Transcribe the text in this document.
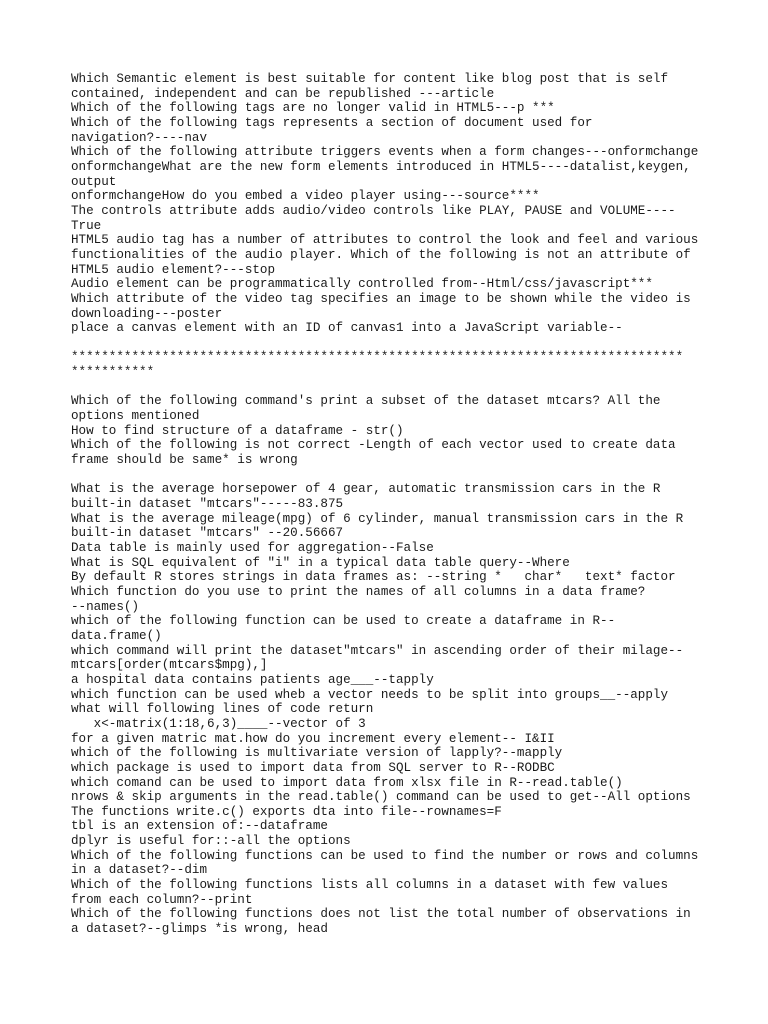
Which Semantic element is best suitable for content like blog post that is self
contained, independent and can be republished ---article
Which of the following tags are no longer valid in HTML5---p ***
Which of the following tags represents a section of document used for
navigation?----nav
Which of the following attribute triggers events when a form changes---onformchange
onformchangeWhat are the new form elements introduced in HTML5----datalist,keygen,
output
onformchangeHow do you embed a video player using---source****
The controls attribute adds audio/video controls like PLAY, PAUSE and VOLUME----
True
HTML5 audio tag has a number of attributes to control the look and feel and various
functionalities of the audio player. Which of the following is not an attribute of
HTML5 audio element?---stop
Audio element can be programmatically controlled from--Html/css/javascript***
Which attribute of the video tag specifies an image to be shown while the video is
downloading---poster
place a canvas element with an ID of canvas1 into a JavaScript variable--
*********************************************************************************
***********
Which of the following command's print a subset of the dataset mtcars? All the
options mentioned
How to find structure of a dataframe - str()
Which of the following is not correct -Length of each vector used to create data
frame should be same* is wrong
What is the average horsepower of 4 gear, automatic transmission cars in the R
built-in dataset "mtcars"-----83.875
What is the average mileage(mpg) of 6 cylinder, manual transmission cars in the R
built-in dataset "mtcars" --20.56667
Data table is mainly used for aggregation--False
What is SQL equivalent of "i" in a typical data table query--Where
By default R stores strings in data frames as: --string *   char*   text* factor
Which function do you use to print the names of all columns in a data frame?
--names()
which of the following function can be used to create a dataframe in R--
data.frame()
which command will print the dataset"mtcars" in ascending order of their milage--
mtcars[order(mtcars$mpg),]
a hospital data contains patients age___--tapply
which function can be used wheb a vector needs to be split into groups__--apply
what will following lines of code return
x<-matrix(1:18,6,3)____--vector of 3
for a given matric mat.how do you increment every element-- I&II
which of the following is multivariate version of lapply?--mapply
which package is used to import data from SQL server to R--RODBC
which comand can be used to import data from xlsx file in R--read.table()
nrows & skip arguments in the read.table() command can be used to get--All options
The functions write.c() exports dta into file--rownames=F
tbl is an extension of:--dataframe
dplyr is useful for::-all the options
Which of the following functions can be used to find the number or rows and columns
in a dataset?--dim
Which of the following functions lists all columns in a dataset with few values
from each column?--print
Which of the following functions does not list the total number of observations in
a dataset?--glimps *is wrong, head
